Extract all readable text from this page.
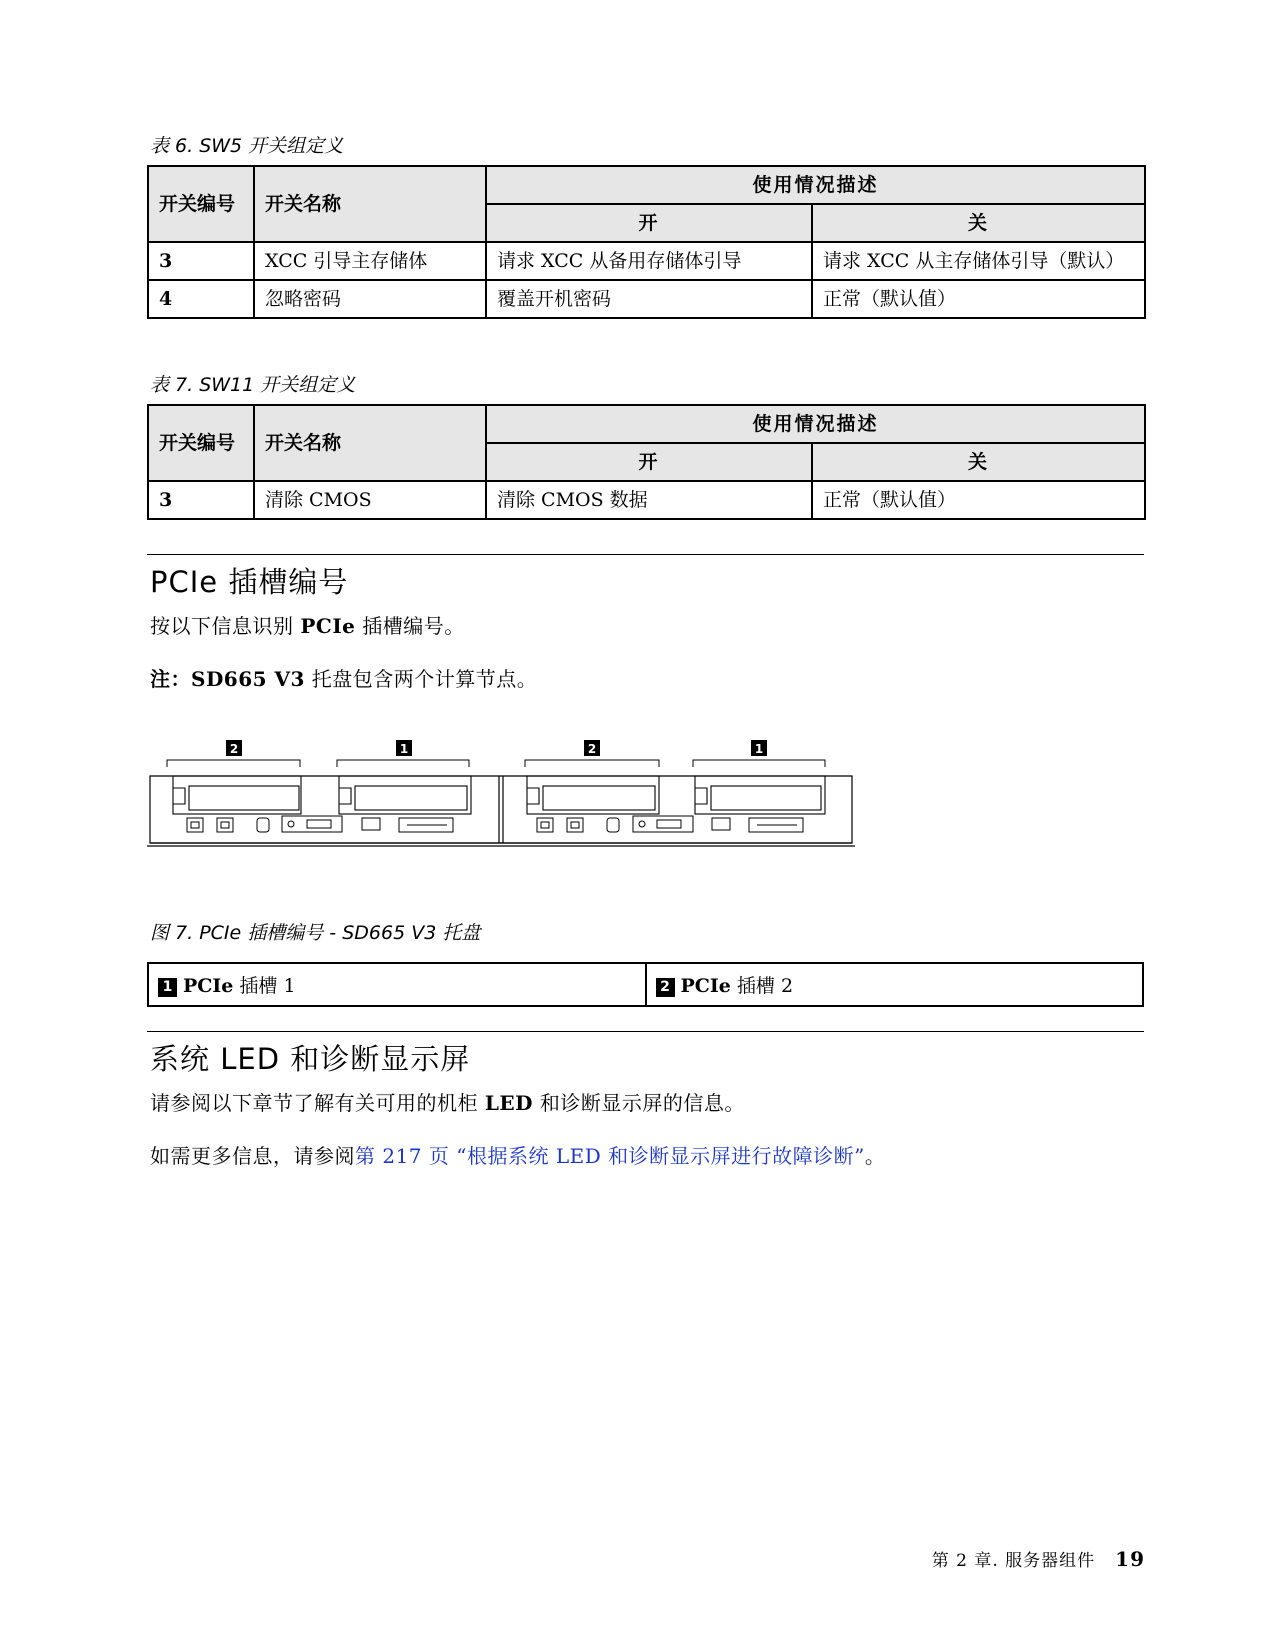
表 6. SW5 开关组定义
开关编号	开关名称	使用情况描述	
		开	关
3	XCC 引导主存储体	请求 XCC 从备用存储体引导	请求 XCC 从主存储体引导（默认）
4	忽略密码	覆盖开机密码	正常（默认值）
表 7. SW11 开关组定义
开关编号	开关名称	使用情况描述	
		开	关
3	清除 CMOS	清除 CMOS 数据	正常（默认值）
PCIe 插槽编号
按以下信息识别 PCIe 插槽编号。
注：SD665 V3 托盘包含两个计算节点。
2	1	2	1
图 7. PCIe 插槽编号 - SD665 V3 托盘
1 PCIe 插槽 1	2 PCIe 插槽 2
系统 LED 和诊断显示屏
请参阅以下章节了解有关可用的机柜 LED 和诊断显示屏的信息。
如需更多信息，请参阅第 217 页 “根据系统 LED 和诊断显示屏进行故障诊断”。
第 2 章. 服务器组件 19
